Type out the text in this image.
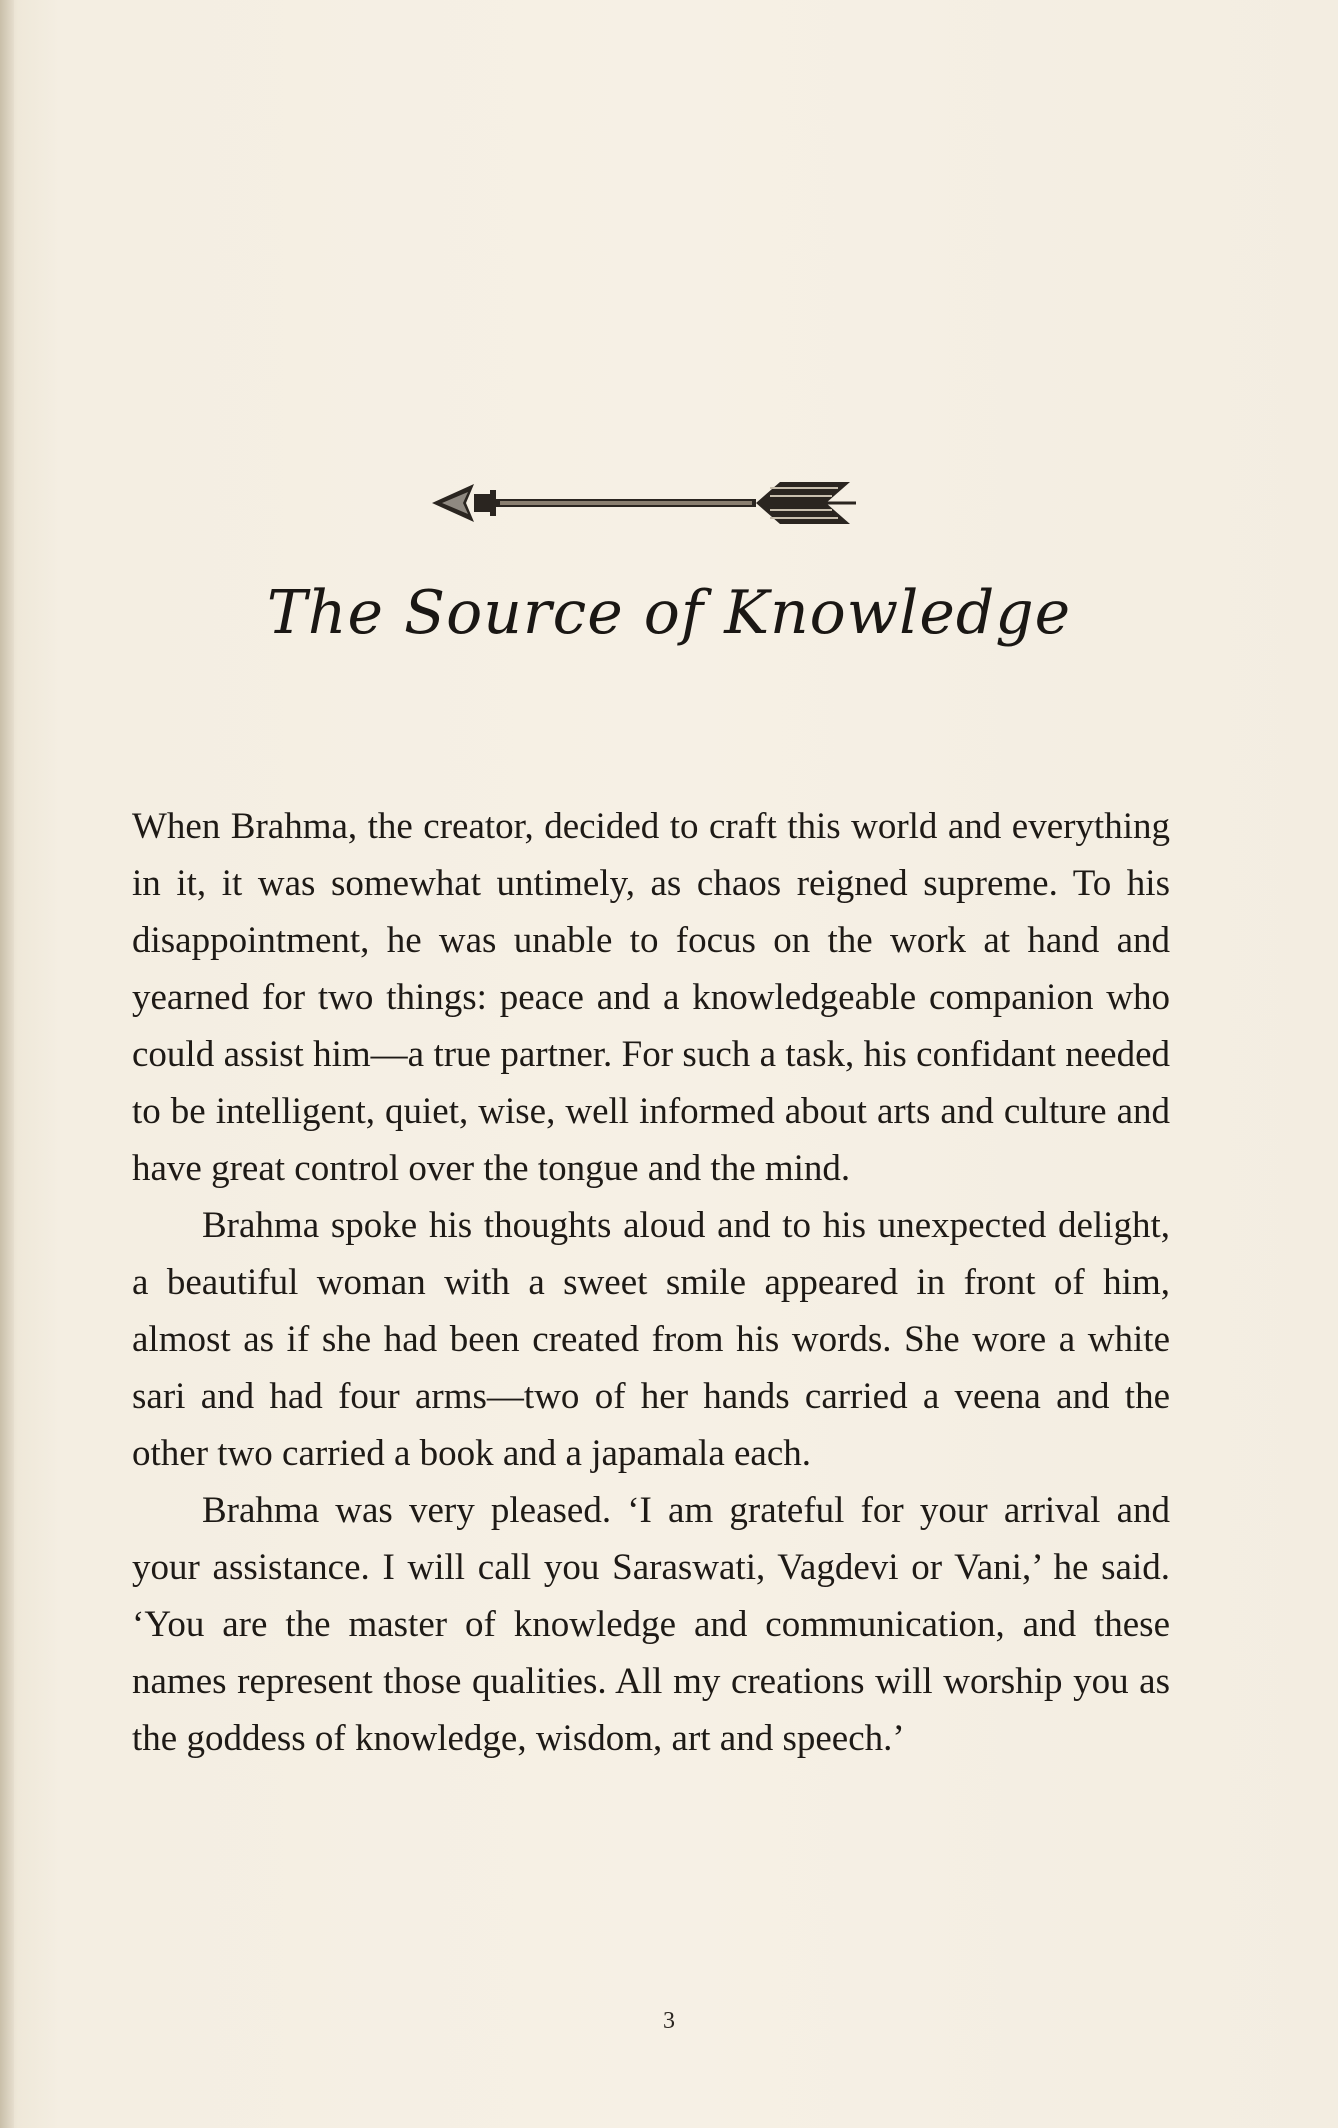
The Source of Knowledge

When Brahma, the creator, decided to craft this world and everything in it, it was somewhat untimely, as chaos reigned supreme. To his disappointment, he was unable to focus on the work at hand and yearned for two things: peace and a knowledgeable companion who could assist him—a true partner. For such a task, his confidant needed to be intelligent, quiet, wise, well informed about arts and culture and have great control over the tongue and the mind.

Brahma spoke his thoughts aloud and to his unexpected delight, a beautiful woman with a sweet smile appeared in front of him, almost as if she had been created from his words. She wore a white sari and had four arms—two of her hands carried a veena and the other two carried a book and a japamala each.

Brahma was very pleased. ‘I am grateful for your arrival and your assistance. I will call you Saraswati, Vagdevi or Vani,’ he said. ‘You are the master of knowledge and communication, and these names represent those qualities. All my creations will worship you as the goddess of knowledge, wisdom, art and speech.’

3
